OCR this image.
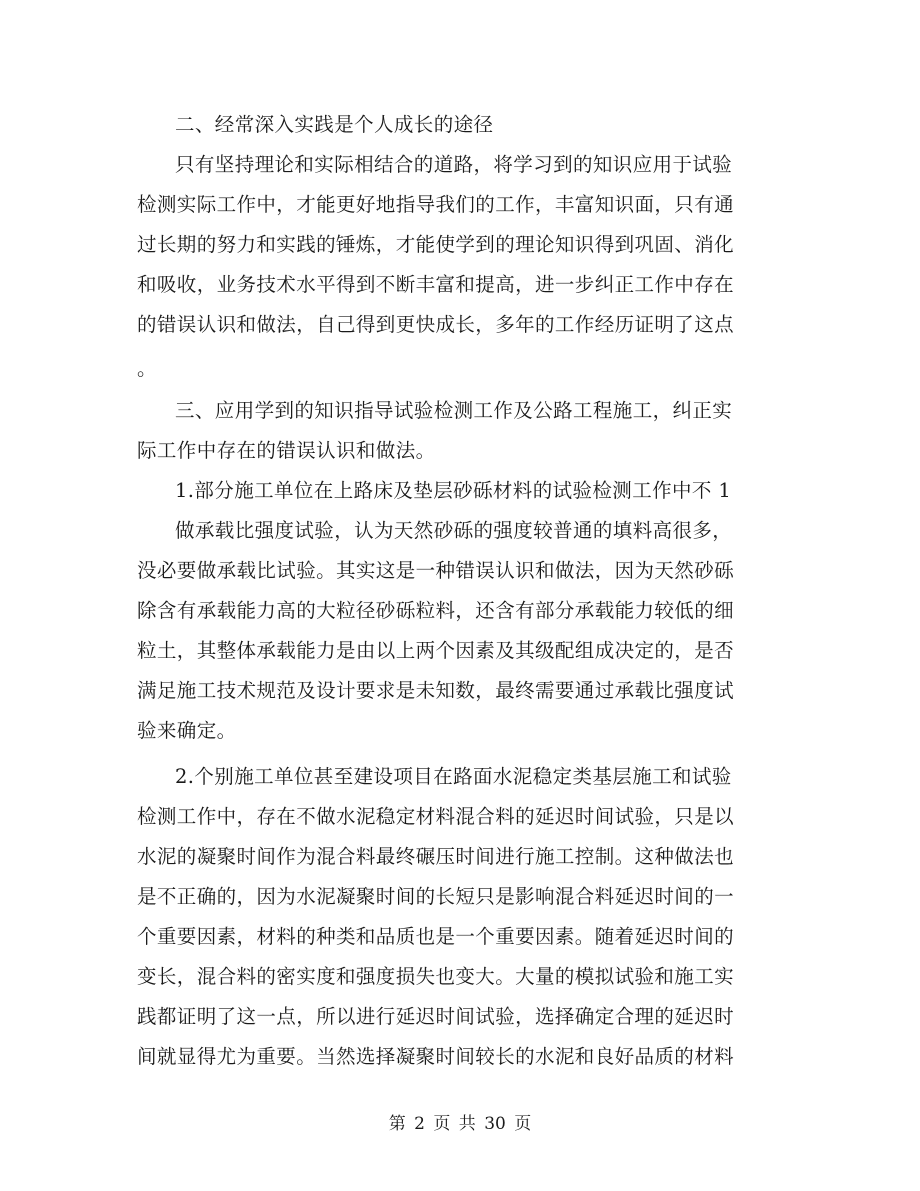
二、经常深入实践是个人成长的途径
只有坚持理论和实际相结合的道路，将学习到的知识应用于试验
检测实际工作中，才能更好地指导我们的工作，丰富知识面，只有通
过长期的努力和实践的锤炼，才能使学到的理论知识得到巩固、消化
和吸收，业务技术水平得到不断丰富和提高，进一步纠正工作中存在
的错误认识和做法，自己得到更快成长，多年的工作经历证明了这点
。
三、应用学到的知识指导试验检测工作及公路工程施工，纠正实
际工作中存在的错误认识和做法。
1.部分施工单位在上路床及垫层砂砾材料的试验检测工作中不 1
做承载比强度试验，认为天然砂砾的强度较普通的填料高很多，
没必要做承载比试验。其实这是一种错误认识和做法，因为天然砂砾
除含有承载能力高的大粒径砂砾粒料，还含有部分承载能力较低的细
粒土，其整体承载能力是由以上两个因素及其级配组成决定的，是否
满足施工技术规范及设计要求是未知数，最终需要通过承载比强度试
验来确定。
2.个别施工单位甚至建设项目在路面水泥稳定类基层施工和试验
检测工作中，存在不做水泥稳定材料混合料的延迟时间试验，只是以
水泥的凝聚时间作为混合料最终碾压时间进行施工控制。这种做法也
是不正确的，因为水泥凝聚时间的长短只是影响混合料延迟时间的一
个重要因素，材料的种类和品质也是一个重要因素。随着延迟时间的
变长，混合料的密实度和强度损失也变大。大量的模拟试验和施工实
践都证明了这一点，所以进行延迟时间试验，选择确定合理的延迟时
间就显得尤为重要。当然选择凝聚时间较长的水泥和良好品质的材料
第 2 页 共 30 页
